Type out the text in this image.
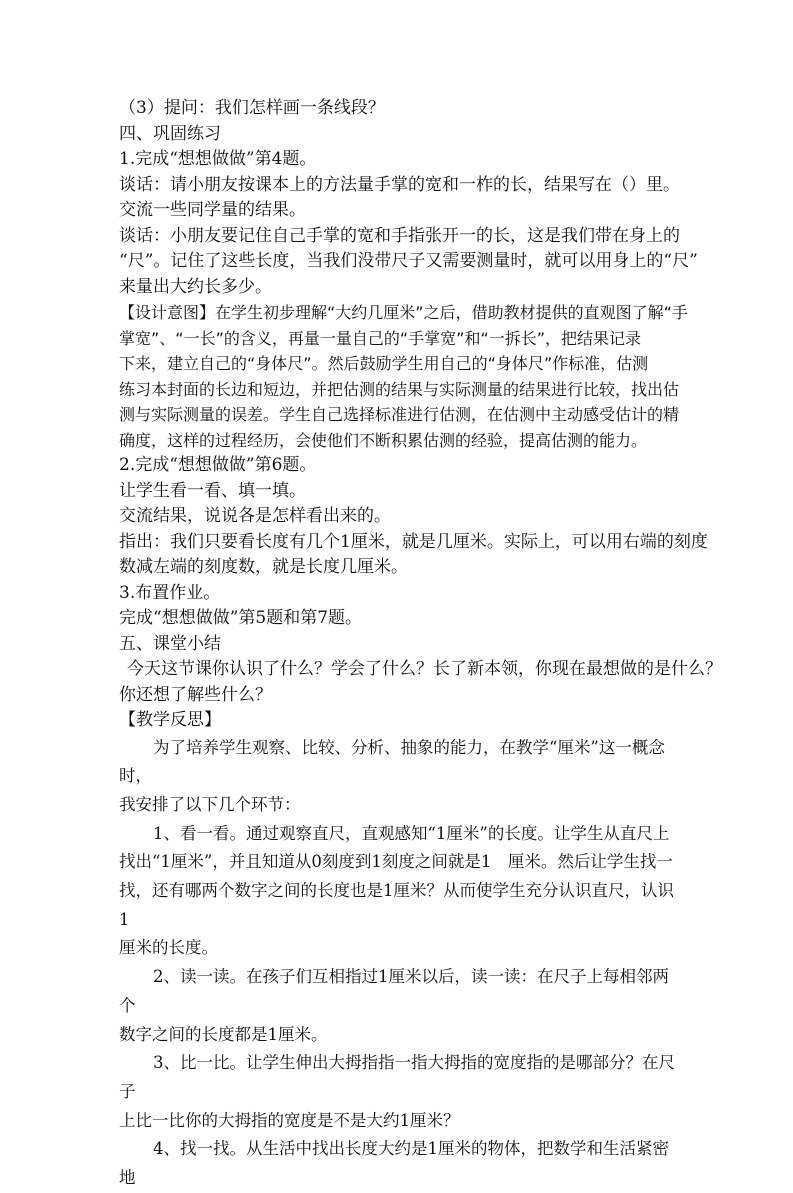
（3）提问：我们怎样画一条线段？

四、巩固练习

1.完成“想想做做”第4题。

谈话：请小朋友按课本上的方法量手掌的宽和一柞的长，结果写在（）里。

交流一些同学量的结果。

谈话：小朋友要记住自己手掌的宽和手指张开一的长，这是我们带在身上的

“尺”。记住了这些长度，当我们没带尺子又需要测量时，就可以用身上的“尺”

来量出大约长多少。

【设计意图】在学生初步理解“大约几厘米”之后，借助教材提供的直观图了解“手

掌宽”、“一长”的含义，再量一量自己的“手掌宽”和“一拆长”，把结果记录

下来，建立自己的“身体尺”。然后鼓励学生用自己的“身体尺”作标准，估测

练习本封面的长边和短边，并把估测的结果与实际测量的结果进行比较，找出估

测与实际测量的误差。学生自己选择标准进行估测，在估测中主动感受估计的精

确度，这样的过程经历，会使他们不断积累估测的经验，提高估测的能力。

2.完成“想想做做”第6题。

让学生看一看、填一填。

交流结果，说说各是怎样看出来的。

指出：我们只要看长度有几个1厘米，就是几厘米。实际上，可以用右端的刻度

数减左端的刻度数，就是长度几厘米。

3.布置作业。

完成“想想做做”第5题和第7题。

五、课堂小结

今天这节课你认识了什么？学会了什么？长了新本领，你现在最想做的是什么？

你还想了解些什么？

【教学反思】

为了培养学生观察、比较、分析、抽象的能力，在教学“厘米”这一概念时，

我安排了以下几个环节：

1、看一看。通过观察直尺，直观感知“1厘米”的长度。让学生从直尺上

找出“1厘米”，并且知道从0刻度到1刻度之间就是1　厘米。然后让学生找一

找，还有哪两个数字之间的长度也是1厘米？从而使学生充分认识直尺，认识1

厘米的长度。

2、读一读。在孩子们互相指过1厘米以后，读一读：在尺子上每相邻两个

数字之间的长度都是1厘米。

3、比一比。让学生伸出大拇指指一指大拇指的宽度指的是哪部分？在尺子

上比一比你的大拇指的宽度是不是大约1厘米？

4、找一找。从生活中找出长度大约是1厘米的物体，把数学和生活紧密地
